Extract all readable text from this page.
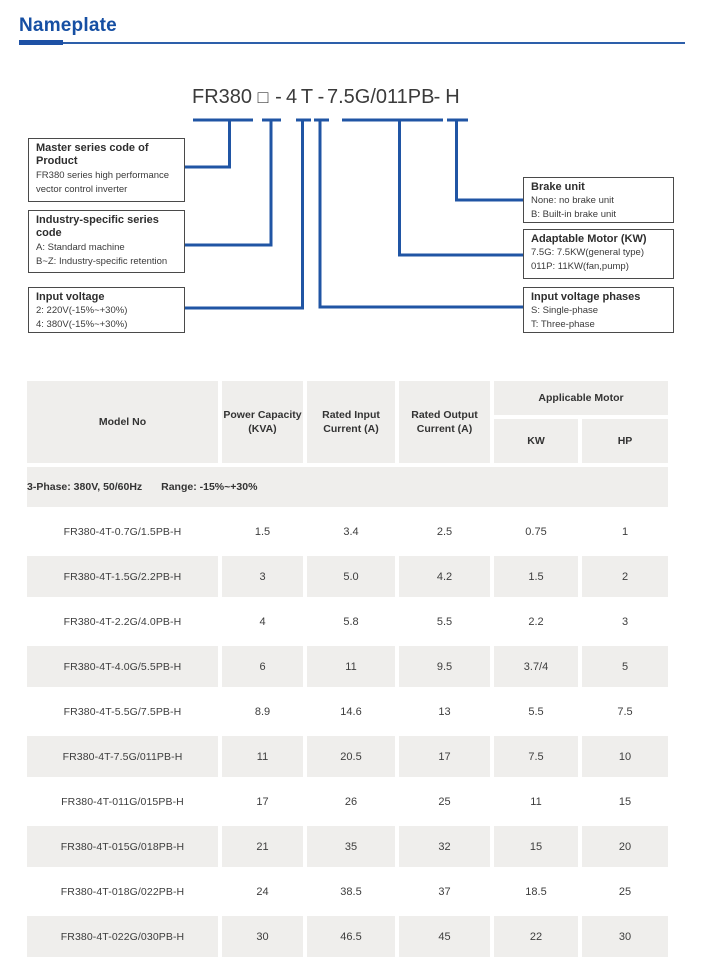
Nameplate
FR380 □ - 4 T - 7.5G/011PB - H
Master series code of Product
FR380 series high performance
vector control inverter
Industry-specific series code
A: Standard machine
B~Z: Industry-specific retention
Input voltage
2: 220V(-15%~+30%)
4: 380V(-15%~+30%)
Brake unit
None: no brake unit
B: Built-in brake unit
Adaptable Motor (KW)
7.5G: 7.5KW(general type)
011P: 11KW(fan,pump)
Input voltage phases
S: Single-phase
T: Three-phase
Model No

Power Capacity
(KVA)

Rated Input
Current (A)

Rated Output
Current (A)

Applicable Motor

				KW	HP

3-Phase: 380V, 50/60Hz Range: -15%~+30%					
FR380-4T-0.7G/1.5PB-H	1.5	3.4	2.5	0.75	1
FR380-4T-1.5G/2.2PB-H	3	5.0	4.2	1.5	2
FR380-4T-2.2G/4.0PB-H	4	5.8	5.5	2.2	3
FR380-4T-4.0G/5.5PB-H	6	11	9.5	3.7/4	5
FR380-4T-5.5G/7.5PB-H	8.9	14.6	13	5.5	7.5
FR380-4T-7.5G/011PB-H	11	20.5	17	7.5	10
FR380-4T-011G/015PB-H	17	26	25	11	15
FR380-4T-015G/018PB-H	21	35	32	15	20
FR380-4T-018G/022PB-H	24	38.5	37	18.5	25
FR380-4T-022G/030PB-H	30	46.5	45	22	30
